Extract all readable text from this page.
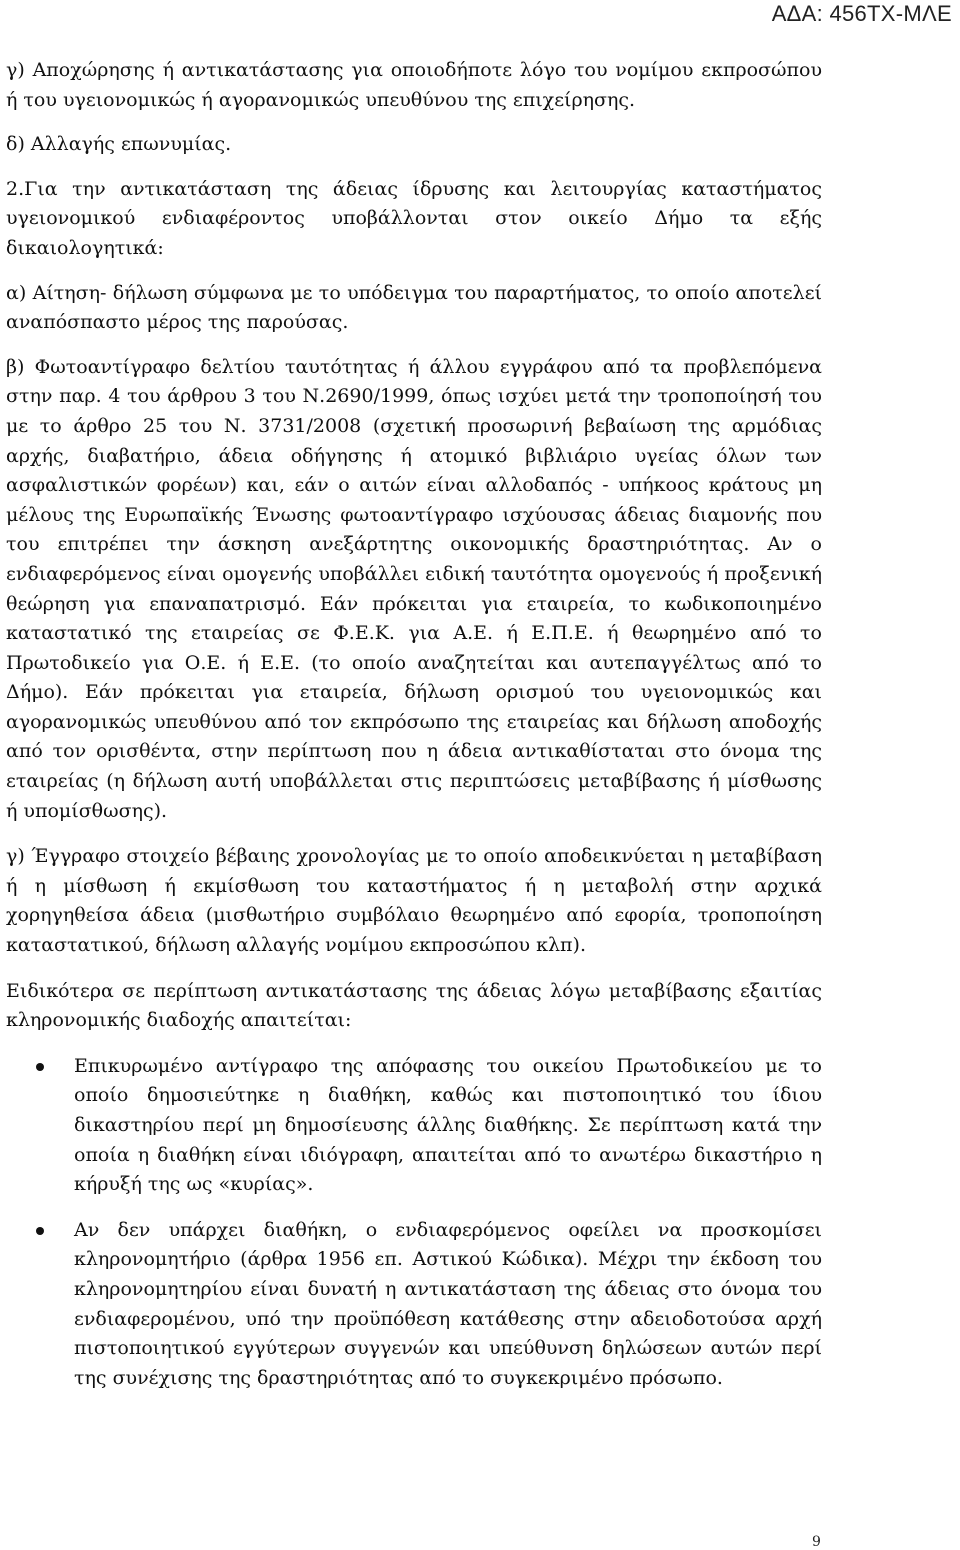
ΑΔΑ: 456ΤΧ-ΜΛΕ

γ) Αποχώρησης ή αντικατάστασης για οποιοδήποτε λόγο του νομίμου εκπροσώπου ή του υγειονομικώς ή αγορανομικώς υπευθύνου της επιχείρησης.

δ) Αλλαγής επωνυμίας.

2.Για την αντικατάσταση της άδειας ίδρυσης και λειτουργίας καταστήματος υγειονομικού ενδιαφέροντος υποβάλλονται στον οικείο Δήμο τα εξής δικαιολογητικά:

α) Αίτηση- δήλωση σύμφωνα με το υπόδειγμα του παραρτήματος, το οποίο αποτελεί αναπόσπαστο μέρος της παρούσας.

β) Φωτοαντίγραφο δελτίου ταυτότητας ή άλλου εγγράφου από τα προβλεπόμενα στην παρ. 4 του άρθρου 3 του Ν.2690/1999, όπως ισχύει μετά την τροποποίησή του με το άρθρο 25 του Ν. 3731/2008 (σχετική προσωρινή βεβαίωση της αρμόδιας αρχής, διαβατήριο, άδεια οδήγησης ή ατομικό βιβλιάριο υγείας όλων των ασφαλιστικών φορέων) και, εάν ο αιτών είναι αλλοδαπός - υπήκοος κράτους μη μέλους της Ευρωπαϊκής Ένωσης φωτοαντίγραφο ισχύουσας άδειας διαμονής που του επιτρέπει την άσκηση ανεξάρτητης οικονομικής δραστηριότητας. Αν ο ενδιαφερόμενος είναι ομογενής υποβάλλει ειδική ταυτότητα ομογενούς ή προξενική θεώρηση για επαναπατρισμό. Εάν πρόκειται για εταιρεία, το κωδικοποιημένο καταστατικό της εταιρείας σε Φ.Ε.Κ. για Α.Ε. ή Ε.Π.Ε. ή θεωρημένο από το Πρωτοδικείο για Ο.Ε. ή Ε.Ε. (το οποίο αναζητείται και αυτεπαγγέλτως από το Δήμο). Εάν πρόκειται για εταιρεία, δήλωση ορισμού του υγειονομικώς και αγορανομικώς υπευθύνου από τον εκπρόσωπο της εταιρείας και δήλωση αποδοχής από τον ορισθέντα, στην περίπτωση που η άδεια αντικαθίσταται στο όνομα της εταιρείας (η δήλωση αυτή υποβάλλεται στις περιπτώσεις μεταβίβασης ή μίσθωσης ή υπομίσθωσης).

γ) Έγγραφο στοιχείο βέβαιης χρονολογίας με το οποίο αποδεικνύεται η μεταβίβαση ή η μίσθωση ή εκμίσθωση του καταστήματος ή η μεταβολή στην αρχικά χορηγηθείσα άδεια (μισθωτήριο συμβόλαιο θεωρημένο από εφορία, τροποποίηση καταστατικού, δήλωση αλλαγής νομίμου εκπροσώπου κλπ).

Ειδικότερα σε περίπτωση αντικατάστασης της άδειας λόγω μεταβίβασης εξαιτίας κληρονομικής διαδοχής απαιτείται:

Επικυρωμένο αντίγραφο της απόφασης του οικείου Πρωτοδικείου με το οποίο δημοσιεύτηκε η διαθήκη, καθώς και πιστοποιητικό του ίδιου δικαστηρίου περί μη δημοσίευσης άλλης διαθήκης. Σε περίπτωση κατά την οποία η διαθήκη είναι ιδιόγραφη, απαιτείται από το ανωτέρω δικαστήριο η κήρυξή της ως «κυρίας».
Αν δεν υπάρχει διαθήκη, ο ενδιαφερόμενος οφείλει να προσκομίσει κληρονομητήριο (άρθρα 1956 επ. Αστικού Κώδικα). Μέχρι την έκδοση του κληρονομητηρίου είναι δυνατή η αντικατάσταση της άδειας στο όνομα του ενδιαφερομένου, υπό την προϋπόθεση κατάθεσης στην αδειοδοτούσα αρχή πιστοποιητικού εγγύτερων συγγενών και υπεύθυνση δηλώσεων αυτών περί της συνέχισης της δραστηριότητας από το συγκεκριμένο πρόσωπο.
9
